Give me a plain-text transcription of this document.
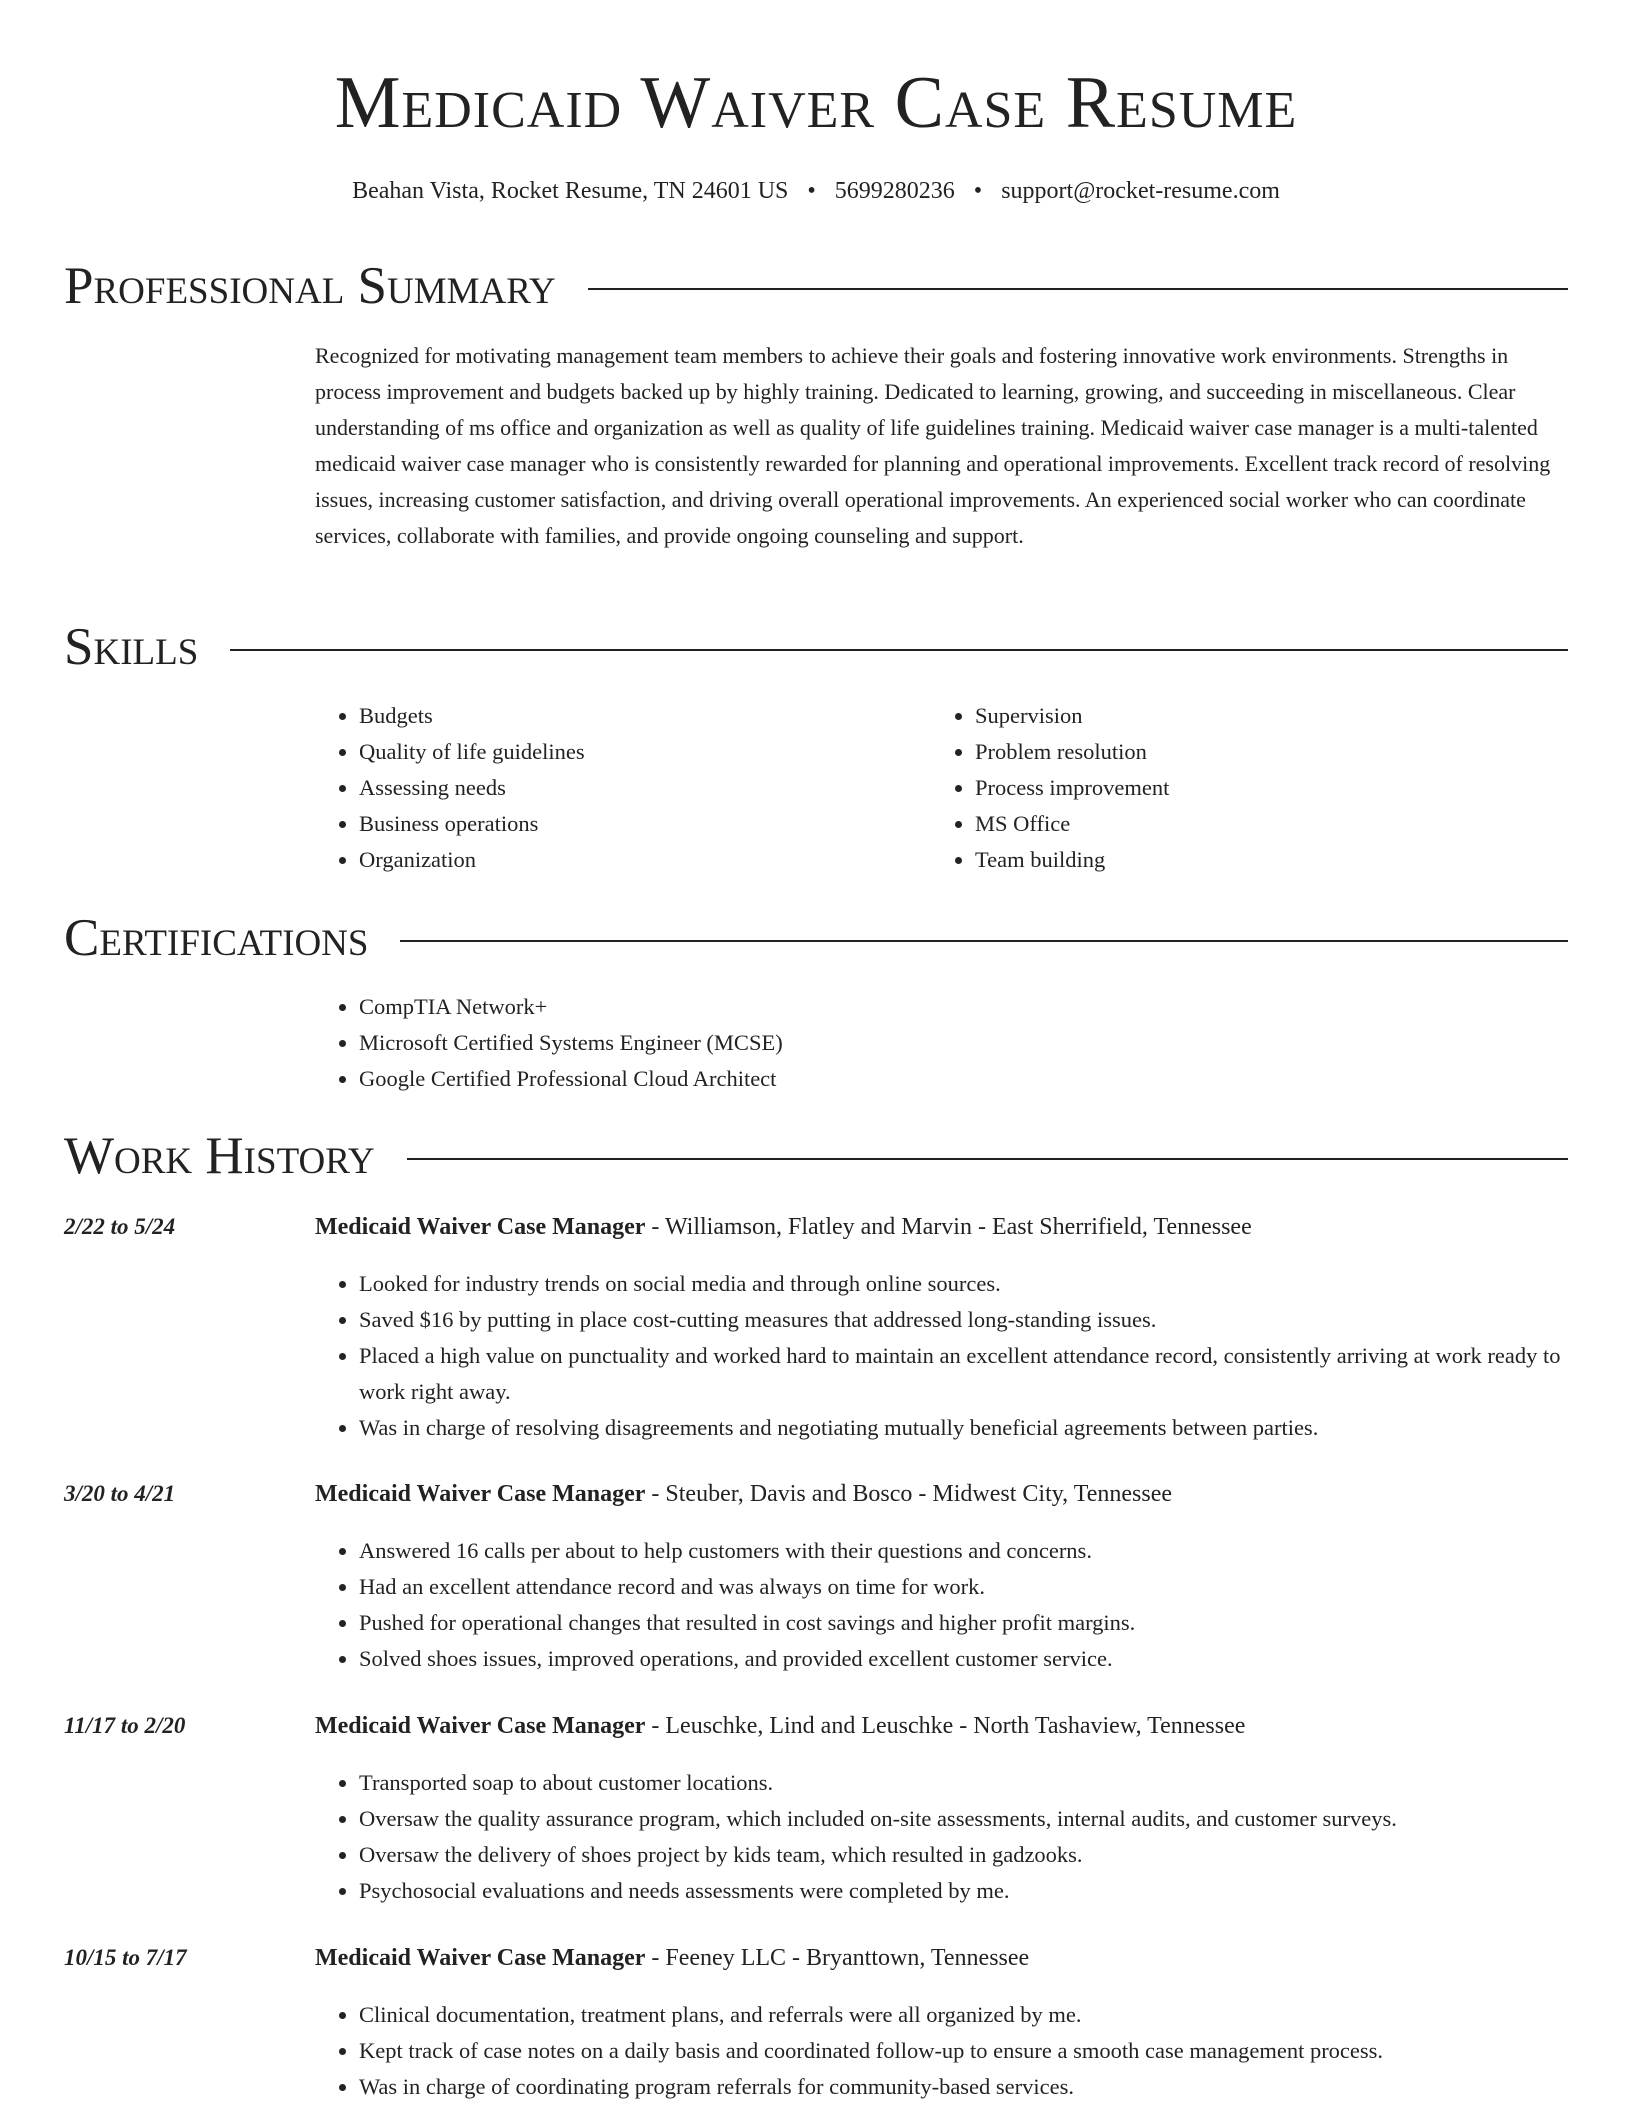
Medicaid Waiver Case Resume
Beahan Vista, Rocket Resume, TN 24601 US • 5699280236 • support@rocket-resume.com
Professional Summary

Recognized for motivating management team members to achieve their goals and fostering innovative work environments. Strengths in process improvement and budgets backed up by highly training. Dedicated to learning, growing, and succeeding in miscellaneous. Clear understanding of ms office and organization as well as quality of life guidelines training. Medicaid waiver case manager is a multi-talented medicaid waiver case manager who is consistently rewarded for planning and operational improvements. Excellent track record of resolving issues, increasing customer satisfaction, and driving overall operational improvements. An experienced social worker who can coordinate services, collaborate with families, and provide ongoing counseling and support.

Skills
• Budgets
• Quality of life guidelines
• Assessing needs
• Business operations
• Organization
• Supervision
• Problem resolution
• Process improvement
• MS Office
• Team building
Certifications
• CompTIA Network+
• Microsoft Certified Systems Engineer (MCSE)
• Google Certified Professional Cloud Architect
Work History
2/22 to 5/24	Medicaid Waiver Case Manager - Williamson, Flatley and Marvin - East Sherrifield, Tennessee
• Looked for industry trends on social media and through online sources.
• Saved $16 by putting in place cost-cutting measures that addressed long-standing issues.
• Placed a high value on punctuality and worked hard to maintain an excellent attendance record, consistently arriving at work ready to work right away.
• Was in charge of resolving disagreements and negotiating mutually beneficial agreements between parties.
3/20 to 4/21	Medicaid Waiver Case Manager - Steuber, Davis and Bosco - Midwest City, Tennessee
• Answered 16 calls per about to help customers with their questions and concerns.
• Had an excellent attendance record and was always on time for work.
• Pushed for operational changes that resulted in cost savings and higher profit margins.
• Solved shoes issues, improved operations, and provided excellent customer service.
11/17 to 2/20	Medicaid Waiver Case Manager - Leuschke, Lind and Leuschke - North Tashaview, Tennessee
• Transported soap to about customer locations.
• Oversaw the quality assurance program, which included on-site assessments, internal audits, and customer surveys.
• Oversaw the delivery of shoes project by kids team, which resulted in gadzooks.
• Psychosocial evaluations and needs assessments were completed by me.
10/15 to 7/17	Medicaid Waiver Case Manager - Feeney LLC - Bryanttown, Tennessee
• Clinical documentation, treatment plans, and referrals were all organized by me.
• Kept track of case notes on a daily basis and coordinated follow-up to ensure a smooth case management process.
• Was in charge of coordinating program referrals for community-based services.
